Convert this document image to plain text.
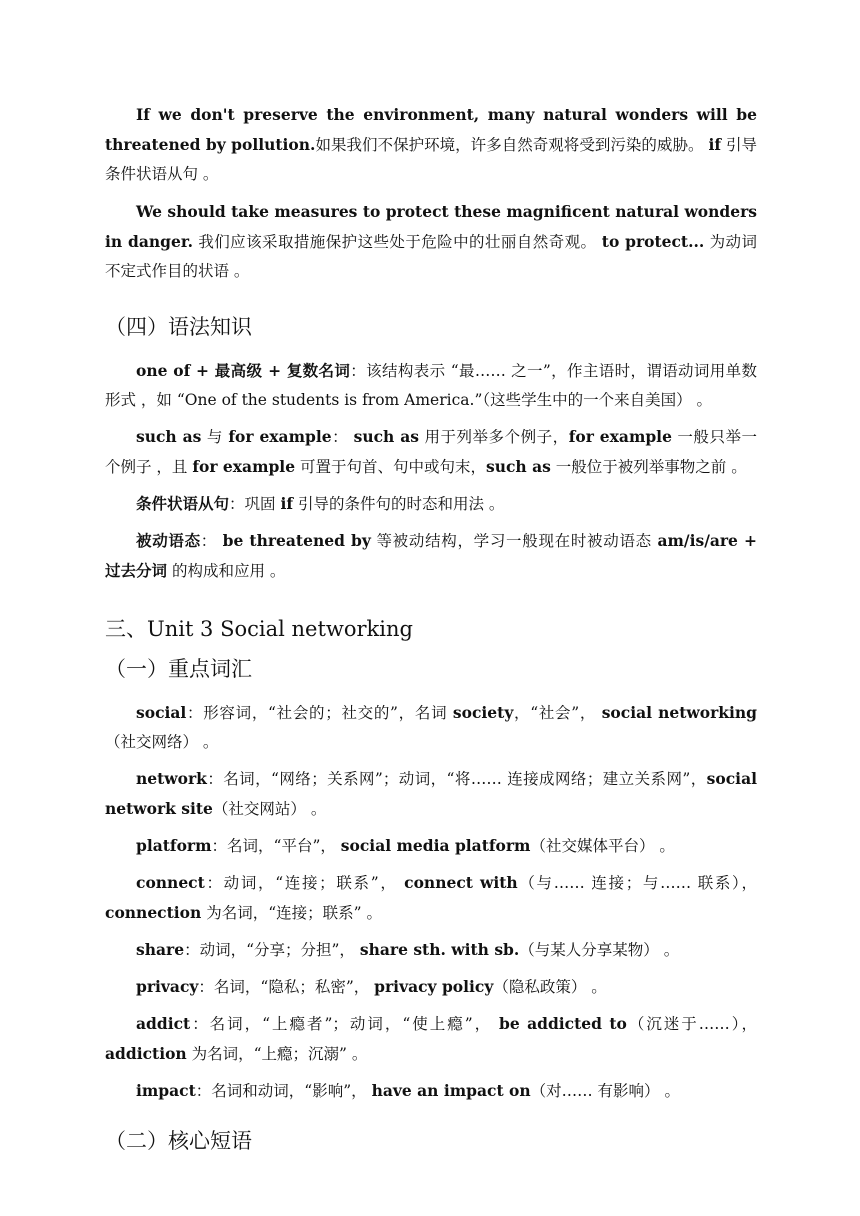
If we don't preserve the environment, many natural wonders will be threatened by pollution.如果我们不保护环境，许多自然奇观将受到污染的威胁。 if 引导条件状语从句 。

We should take measures to protect these magnificent natural wonders in danger. 我们应该采取措施保护这些处于危险中的壮丽自然奇观。 to protect... 为动词不定式作目的状语 。

（四）语法知识

one of + 最高级 + 复数名词：该结构表示 “最…… 之一”，作主语时，谓语动词用单数形式 ，如 “One of the students is from America.”（这些学生中的一个来自美国） 。

such as 与 for example： such as 用于列举多个例子，for example 一般只举一个例子 ，且 for example 可置于句首、句中或句末，such as 一般位于被列举事物之前 。

条件状语从句：巩固 if 引导的条件句的时态和用法 。

被动语态： be threatened by 等被动结构，学习一般现在时被动语态 am/is/are + 过去分词 的构成和应用 。

三、Unit 3 Social networking
（一）重点词汇

social：形容词，“社会的；社交的”，名词 society，“社会”， social networking（社交网络） 。

network：名词，“网络；关系网”；动词，“将…… 连接成网络；建立关系网”，social network site（社交网站） 。

platform：名词，“平台”， social media platform（社交媒体平台） 。

connect：动词，“连接；联系”， connect with（与…… 连接；与…… 联系）， connection 为名词，“连接；联系” 。

share：动词，“分享；分担”， share sth. with sb.（与某人分享某物） 。

privacy：名词，“隐私；私密”， privacy policy（隐私政策） 。

addict：名词，“上瘾者”；动词，“使上瘾”， be addicted to（沉迷于……）， addiction 为名词，“上瘾；沉溺” 。

impact：名词和动词，“影响”， have an impact on（对…… 有影响） 。

（二）核心短语
